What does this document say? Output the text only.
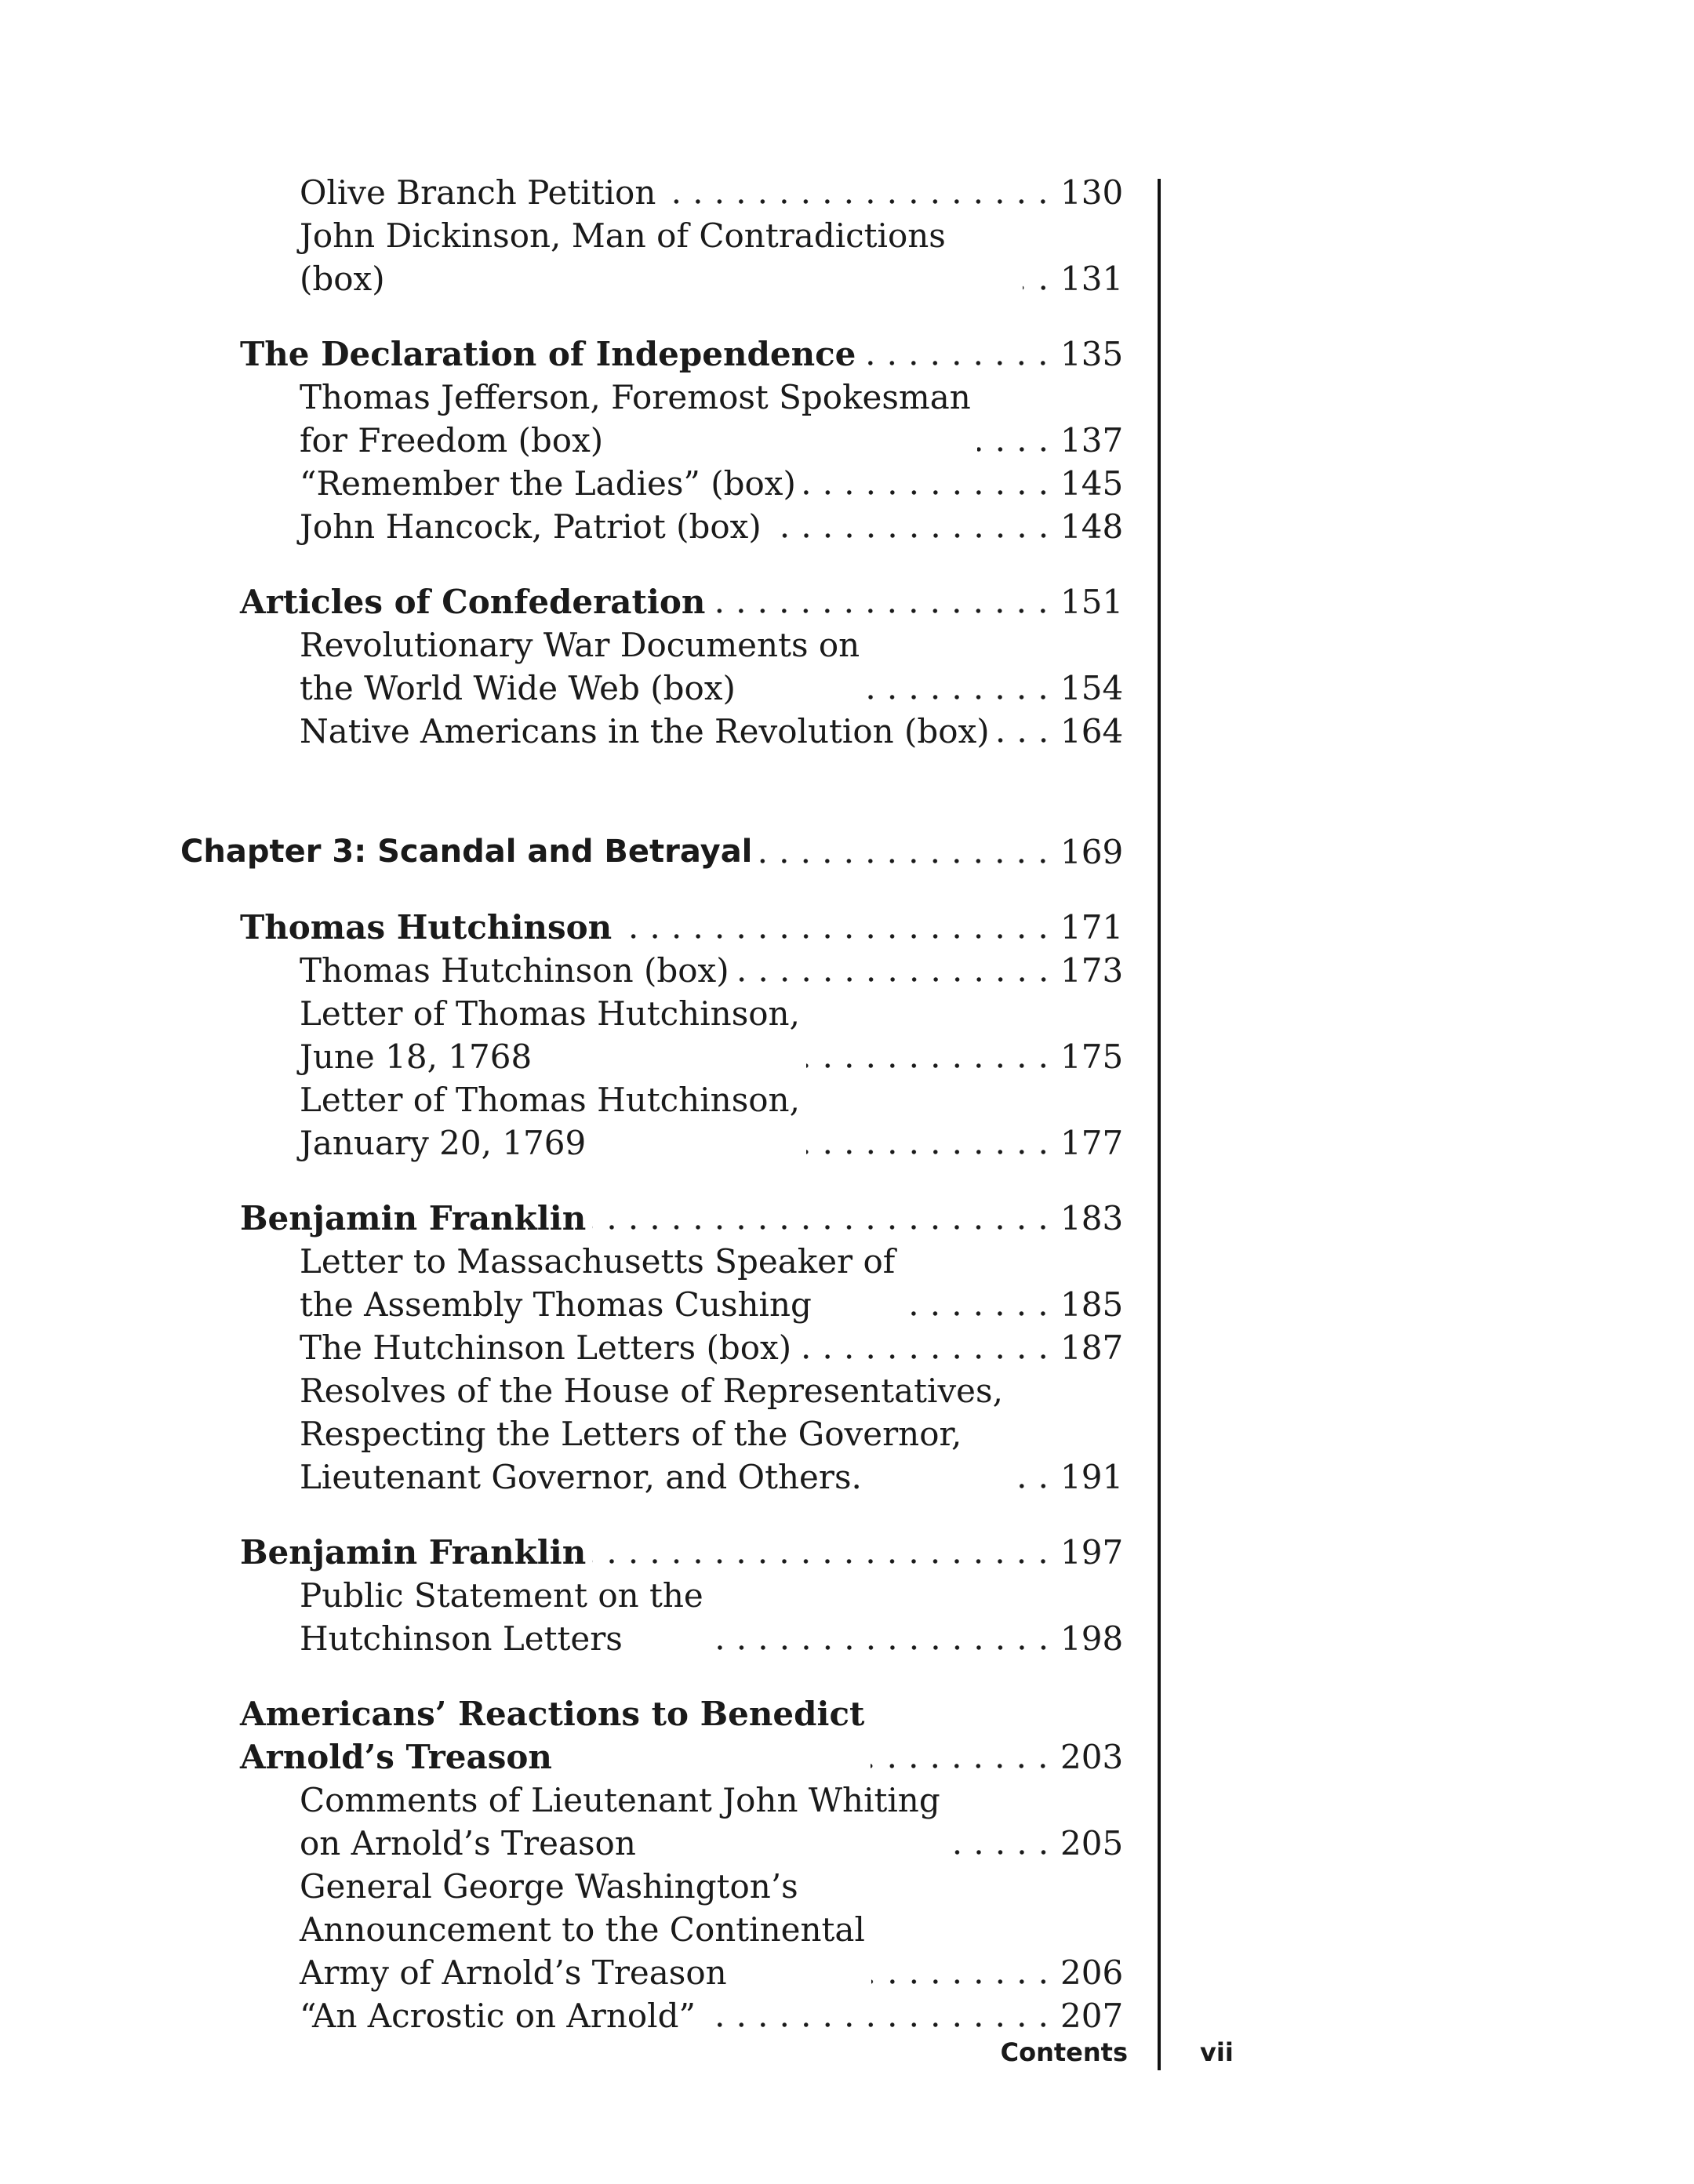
Olive Branch Petition	130
John Dickinson, Man of Contradictions (box)	131
The Declaration of Independence	135
Thomas Jefferson, Foremost Spokesman
for Freedom (box)	137
“Remember the Ladies” (box)	145
John Hancock, Patriot (box)	148
Articles of Confederation	151
Revolutionary War Documents on
the World Wide Web (box)	154
Native Americans in the Revolution (box) 164
Chapter 3: Scandal and Betrayal	169
Thomas Hutchinson	171
Thomas Hutchinson (box)	173
Letter of Thomas Hutchinson,
June 18, 1768	175
Letter of Thomas Hutchinson,
January 20, 1769	177
Benjamin Franklin	183
Letter to Massachusetts Speaker of
the Assembly Thomas Cushing	185
The Hutchinson Letters (box)	187
Resolves of the House of Representatives,
Respecting the Letters of the Governor,
Lieutenant Governor, and Others.	191
Benjamin Franklin	197
Public Statement on the
Hutchinson Letters	198
Americans’ Reactions to Benedict
Arnold’s Treason	203
Comments of Lieutenant John Whiting
on Arnold’s Treason	205
General George Washington’s
Announcement to the Continental
Army of Arnold’s Treason	206
“An Acrostic on Arnold”	207
Contents	vii
